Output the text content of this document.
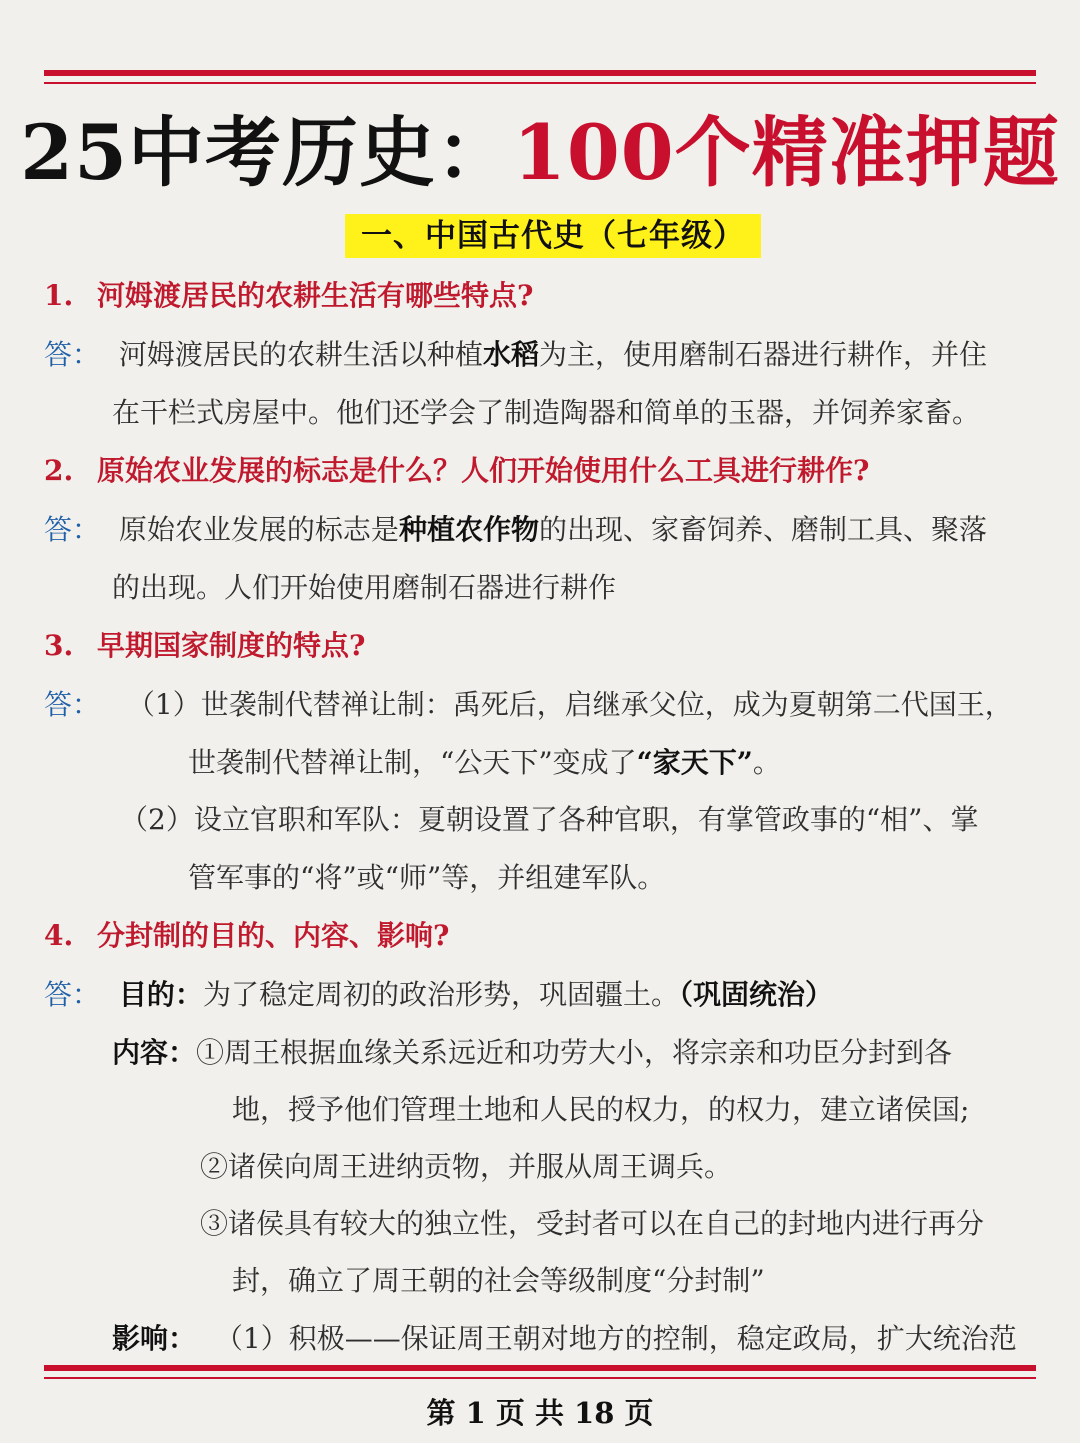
25中考历史：100个精准押题
一、中国古代史（七年级）
1. 河姆渡居民的农耕生活有哪些特点?
答： 河姆渡居民的农耕生活以种植水稻为主，使用磨制石器进行耕作，并住
在干栏式房屋中。他们还学会了制造陶器和简单的玉器，并饲养家畜。
2. 原始农业发展的标志是什么？人们开始使用什么工具进行耕作?
答： 原始农业发展的标志是种植农作物的出现、家畜饲养、磨制工具、聚落
的出现。人们开始使用磨制石器进行耕作
3. 早期国家制度的特点?
答： （1）世袭制代替禅让制：禹死后，启继承父位，成为夏朝第二代国王，
世袭制代替禅让制，“公天下”变成了“家天下”。
（2）设立官职和军队：夏朝设置了各种官职，有掌管政事的“相”、掌
管军事的“将”或“师”等，并组建军队。
4. 分封制的目的、内容、影响?
答： 目的：为了稳定周初的政治形势，巩固疆土。（巩固统治）
内容：①周王根据血缘关系远近和功劳大小，将宗亲和功臣分封到各
地，授予他们管理土地和人民的权力，的权力，建立诸侯国;
②诸侯向周王进纳贡物，并服从周王调兵。
③诸侯具有较大的独立性，受封者可以在自己的封地内进行再分
封，确立了周王朝的社会等级制度“分封制”
影响： （1）积极——保证周王朝对地方的控制，稳定政局，扩大统治范
第 1 页 共 18 页
